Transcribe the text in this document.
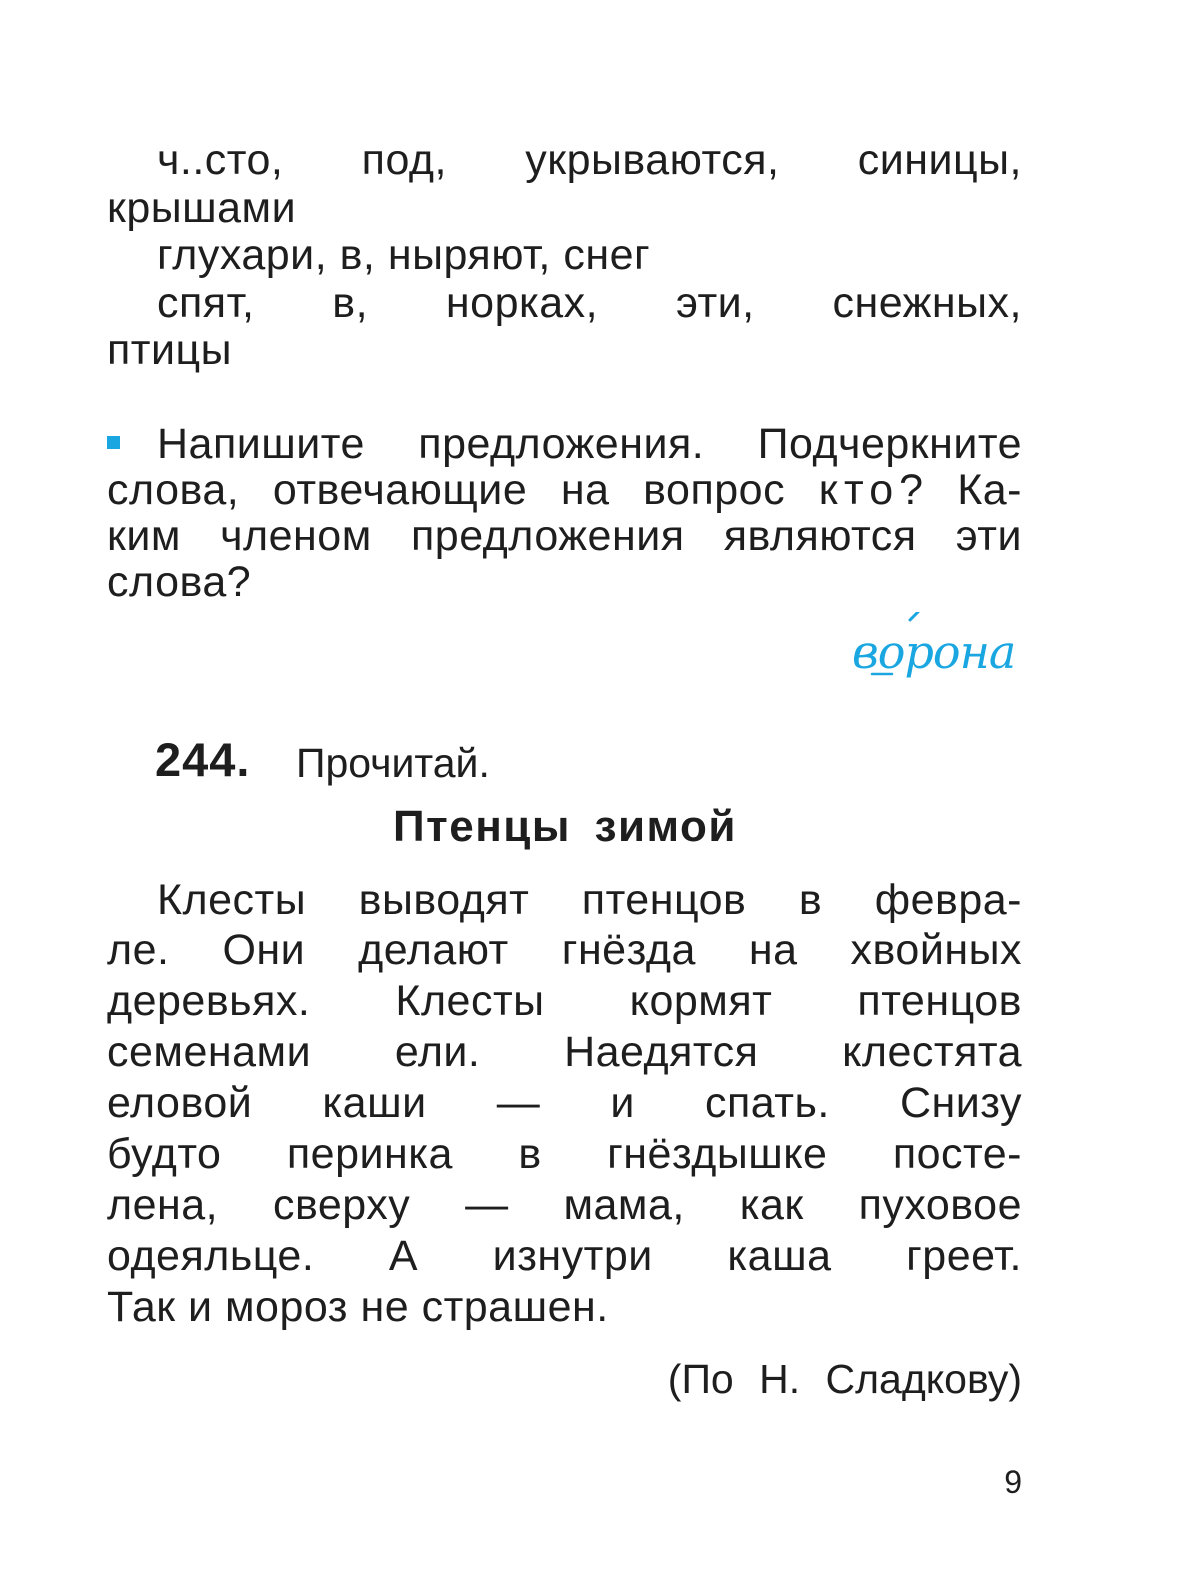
ч..сто, под, укрываются, синицы,
крышами
глухари, в, ныряют, снег
спят, в, норках, эти, снежных,
птицы
Напишите предложения. Подчеркните
слова, отвечающие на вопрос кто? Ка-
ким членом предложения являются эти
слова?
ворона
244. Прочитай.
Птенцы зимой
Клесты выводят птенцов в февра-
ле. Они делают гнёзда на хвойных
деревьях. Клесты кормят птенцов
семенами ели. Наедятся клестята
еловой каши — и спать. Снизу
будто перинка в гнёздышке посте-
лена, сверху — мама, как пуховое
одеяльце. А изнутри каша греет.
Так и мороз не страшен.
(По Н. Сладкову)
9
